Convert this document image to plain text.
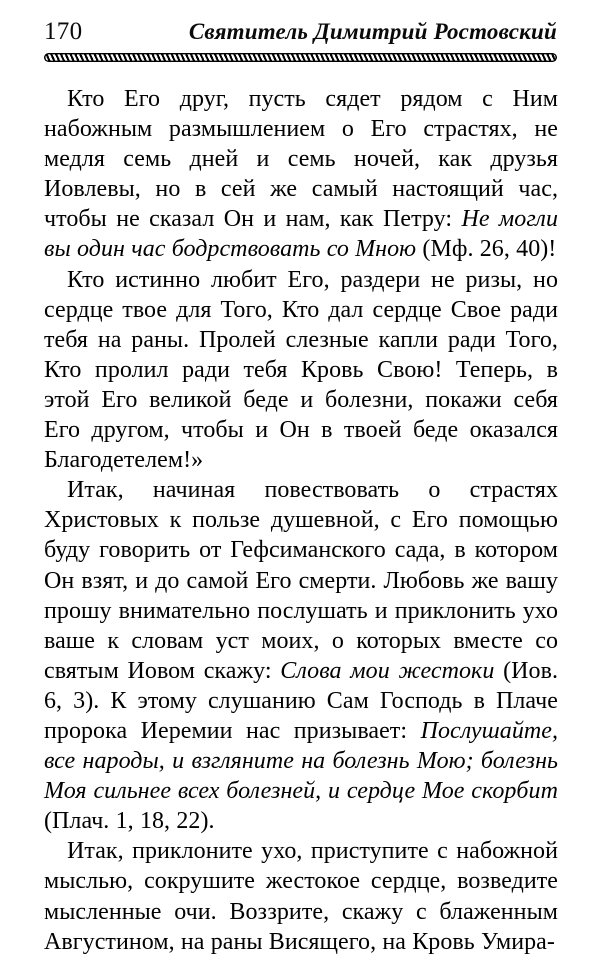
170	Святитель Димитрий Ростовский

Кто Его друг, пусть сядет рядом с Ним набожным размышлением о Его страстях, не медля семь дней и семь ночей, как друзья Иовлевы, но в сей же самый настоящий час, чтобы не сказал Он и нам, как Петру: Не могли вы один час бодрствовать со Мною (Мф. 26, 40)!

Кто истинно любит Его, раздери не ризы, но сердце твое для Того, Кто дал сердце Свое ради тебя на раны. Пролей слезные капли ради Того, Кто пролил ради тебя Кровь Свою! Теперь, в этой Его великой беде и болезни, покажи себя Его другом, чтобы и Он в твоей беде оказался Благодетелем!»

Итак, начиная повествовать о страстях Христовых к пользе душевной, с Его помощью буду говорить от Гефсиманского сада, в котором Он взят, и до самой Его смерти. Любовь же вашу прошу внимательно послушать и приклонить ухо ваше к словам уст моих, о которых вместе со святым Иовом скажу: Слова мои жестоки (Иов. 6, 3). К этому слушанию Сам Господь в Плаче пророка Иеремии нас призывает: Послушайте, все народы, и взгляните на болезнь Мою; болезнь Моя сильнее всех болезней, и сердце Мое скорбит (Плач. 1, 18, 22).

Итак, приклоните ухо, приступите с набожной мыслью, сокрушите жестокое сердце, возведите мысленные очи. Воззрите, скажу с блаженным Августином, на раны Висящего, на Кровь Умира-
